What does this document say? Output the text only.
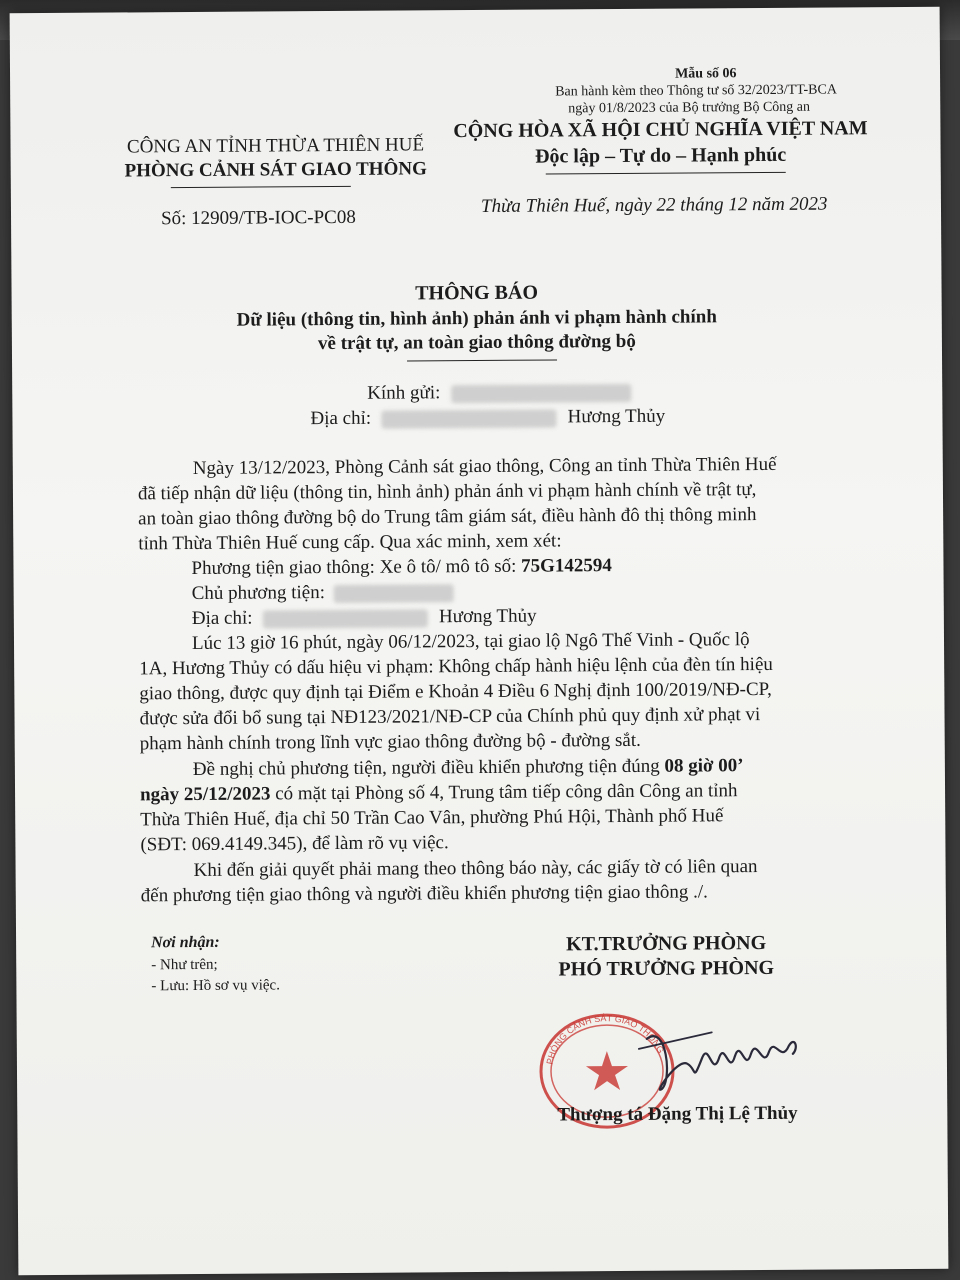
Mẫu số 06
Ban hành kèm theo Thông tư số 32/2023/TT-BCA
ngày 01/8/2023 của Bộ trưởng Bộ Công an
CÔNG AN TỈNH THỪA THIÊN HUẾ
PHÒNG CẢNH SÁT GIAO THÔNG
Số: 12909/TB-IOC-PC08
CỘNG HÒA XÃ HỘI CHỦ NGHĨA VIỆT NAM
Độc lập – Tự do – Hạnh phúc
Thừa Thiên Huế, ngày 22 tháng 12 năm 2023
THÔNG BÁO
Dữ liệu (thông tin, hình ảnh) phản ánh vi phạm hành chính
về trật tự, an toàn giao thông đường bộ
Kính gửi:
Địa chỉ:	Hương Thủy
Ngày 13/12/2023, Phòng Cảnh sát giao thông, Công an tỉnh Thừa Thiên Huế
đã tiếp nhận dữ liệu (thông tin, hình ảnh) phản ánh vi phạm hành chính về trật tự,
an toàn giao thông đường bộ do Trung tâm giám sát, điều hành đô thị thông minh
tỉnh Thừa Thiên Huế cung cấp. Qua xác minh, xem xét:
Phương tiện giao thông: Xe ô tô/ mô tô số: 75G142594
Chủ phương tiện:
Địa chỉ:	Hương Thủy
Lúc 13 giờ 16 phút, ngày 06/12/2023, tại giao lộ Ngô Thế Vinh - Quốc lộ
1A, Hương Thủy có dấu hiệu vi phạm: Không chấp hành hiệu lệnh của đèn tín hiệu
giao thông, được quy định tại Điểm e Khoản 4 Điều 6 Nghị định 100/2019/NĐ-CP,
được sửa đổi bổ sung tại NĐ123/2021/NĐ-CP của Chính phủ quy định xử phạt vi
phạm hành chính trong lĩnh vực giao thông đường bộ - đường sắt.
Đề nghị chủ phương tiện, người điều khiển phương tiện đúng 08 giờ 00’
ngày 25/12/2023 có mặt tại Phòng số 4, Trung tâm tiếp công dân Công an tỉnh
Thừa Thiên Huế, địa chỉ 50 Trần Cao Vân, phường Phú Hội, Thành phố Huế
(SĐT: 069.4149.345), để làm rõ vụ việc.
Khi đến giải quyết phải mang theo thông báo này, các giấy tờ có liên quan
đến phương tiện giao thông và người điều khiển phương tiện giao thông ./.
Nơi nhận:
- Như trên;
- Lưu: Hồ sơ vụ việc.
KT.TRƯỞNG PHÒNG
PHÓ TRƯỞNG PHÒNG
PHÒNG CẢNH SÁT GIAO THÔNG
Thượng tá Đặng Thị Lệ Thủy
